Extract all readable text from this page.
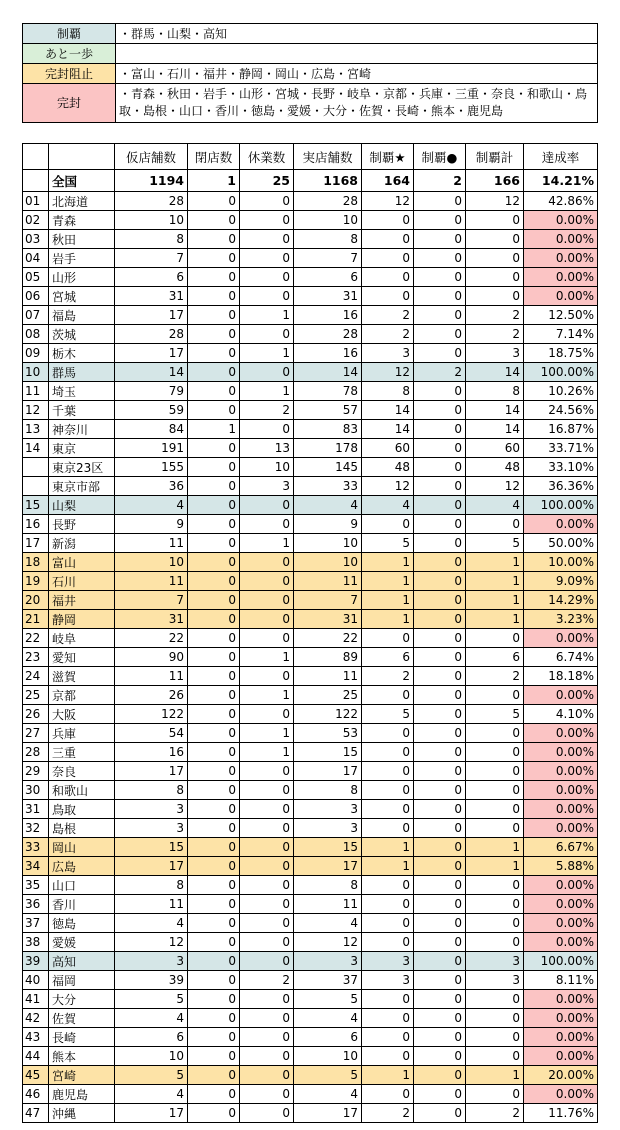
制覇	・群馬・山梨・高知
あと一歩	
完封阻止	・富山・石川・福井・静岡・岡山・広島・宮崎
完封	・青森・秋田・岩手・山形・宮城・長野・岐阜・京都・兵庫・三重・奈良・和歌山・鳥取・島根・山口・香川・徳島・愛媛・大分・佐賀・長崎・熊本・鹿児島
		仮店舗数	閉店数	休業数	実店舗数	制覇★	制覇●	制覇計	達成率
	全国	1194	1	25	1168	164	2	166	14.21%
01	北海道	28	0	0	28	12	0	12	42.86%
02	青森	10	0	0	10	0	0	0	0.00%
03	秋田	8	0	0	8	0	0	0	0.00%
04	岩手	7	0	0	7	0	0	0	0.00%
05	山形	6	0	0	6	0	0	0	0.00%
06	宮城	31	0	0	31	0	0	0	0.00%
07	福島	17	0	1	16	2	0	2	12.50%
08	茨城	28	0	0	28	2	0	2	7.14%
09	栃木	17	0	1	16	3	0	3	18.75%
10	群馬	14	0	0	14	12	2	14	100.00%
11	埼玉	79	0	1	78	8	0	8	10.26%
12	千葉	59	0	2	57	14	0	14	24.56%
13	神奈川	84	1	0	83	14	0	14	16.87%
14	東京	191	0	13	178	60	0	60	33.71%
	東京23区	155	0	10	145	48	0	48	33.10%
	東京市部	36	0	3	33	12	0	12	36.36%
15	山梨	4	0	0	4	4	0	4	100.00%
16	長野	9	0	0	9	0	0	0	0.00%
17	新潟	11	0	1	10	5	0	5	50.00%
18	富山	10	0	0	10	1	0	1	10.00%
19	石川	11	0	0	11	1	0	1	9.09%
20	福井	7	0	0	7	1	0	1	14.29%
21	静岡	31	0	0	31	1	0	1	3.23%
22	岐阜	22	0	0	22	0	0	0	0.00%
23	愛知	90	0	1	89	6	0	6	6.74%
24	滋賀	11	0	0	11	2	0	2	18.18%
25	京都	26	0	1	25	0	0	0	0.00%
26	大阪	122	0	0	122	5	0	5	4.10%
27	兵庫	54	0	1	53	0	0	0	0.00%
28	三重	16	0	1	15	0	0	0	0.00%
29	奈良	17	0	0	17	0	0	0	0.00%
30	和歌山	8	0	0	8	0	0	0	0.00%
31	鳥取	3	0	0	3	0	0	0	0.00%
32	島根	3	0	0	3	0	0	0	0.00%
33	岡山	15	0	0	15	1	0	1	6.67%
34	広島	17	0	0	17	1	0	1	5.88%
35	山口	8	0	0	8	0	0	0	0.00%
36	香川	11	0	0	11	0	0	0	0.00%
37	徳島	4	0	0	4	0	0	0	0.00%
38	愛媛	12	0	0	12	0	0	0	0.00%
39	高知	3	0	0	3	3	0	3	100.00%
40	福岡	39	0	2	37	3	0	3	8.11%
41	大分	5	0	0	5	0	0	0	0.00%
42	佐賀	4	0	0	4	0	0	0	0.00%
43	長崎	6	0	0	6	0	0	0	0.00%
44	熊本	10	0	0	10	0	0	0	0.00%
45	宮崎	5	0	0	5	1	0	1	20.00%
46	鹿児島	4	0	0	4	0	0	0	0.00%
47	沖縄	17	0	0	17	2	0	2	11.76%
